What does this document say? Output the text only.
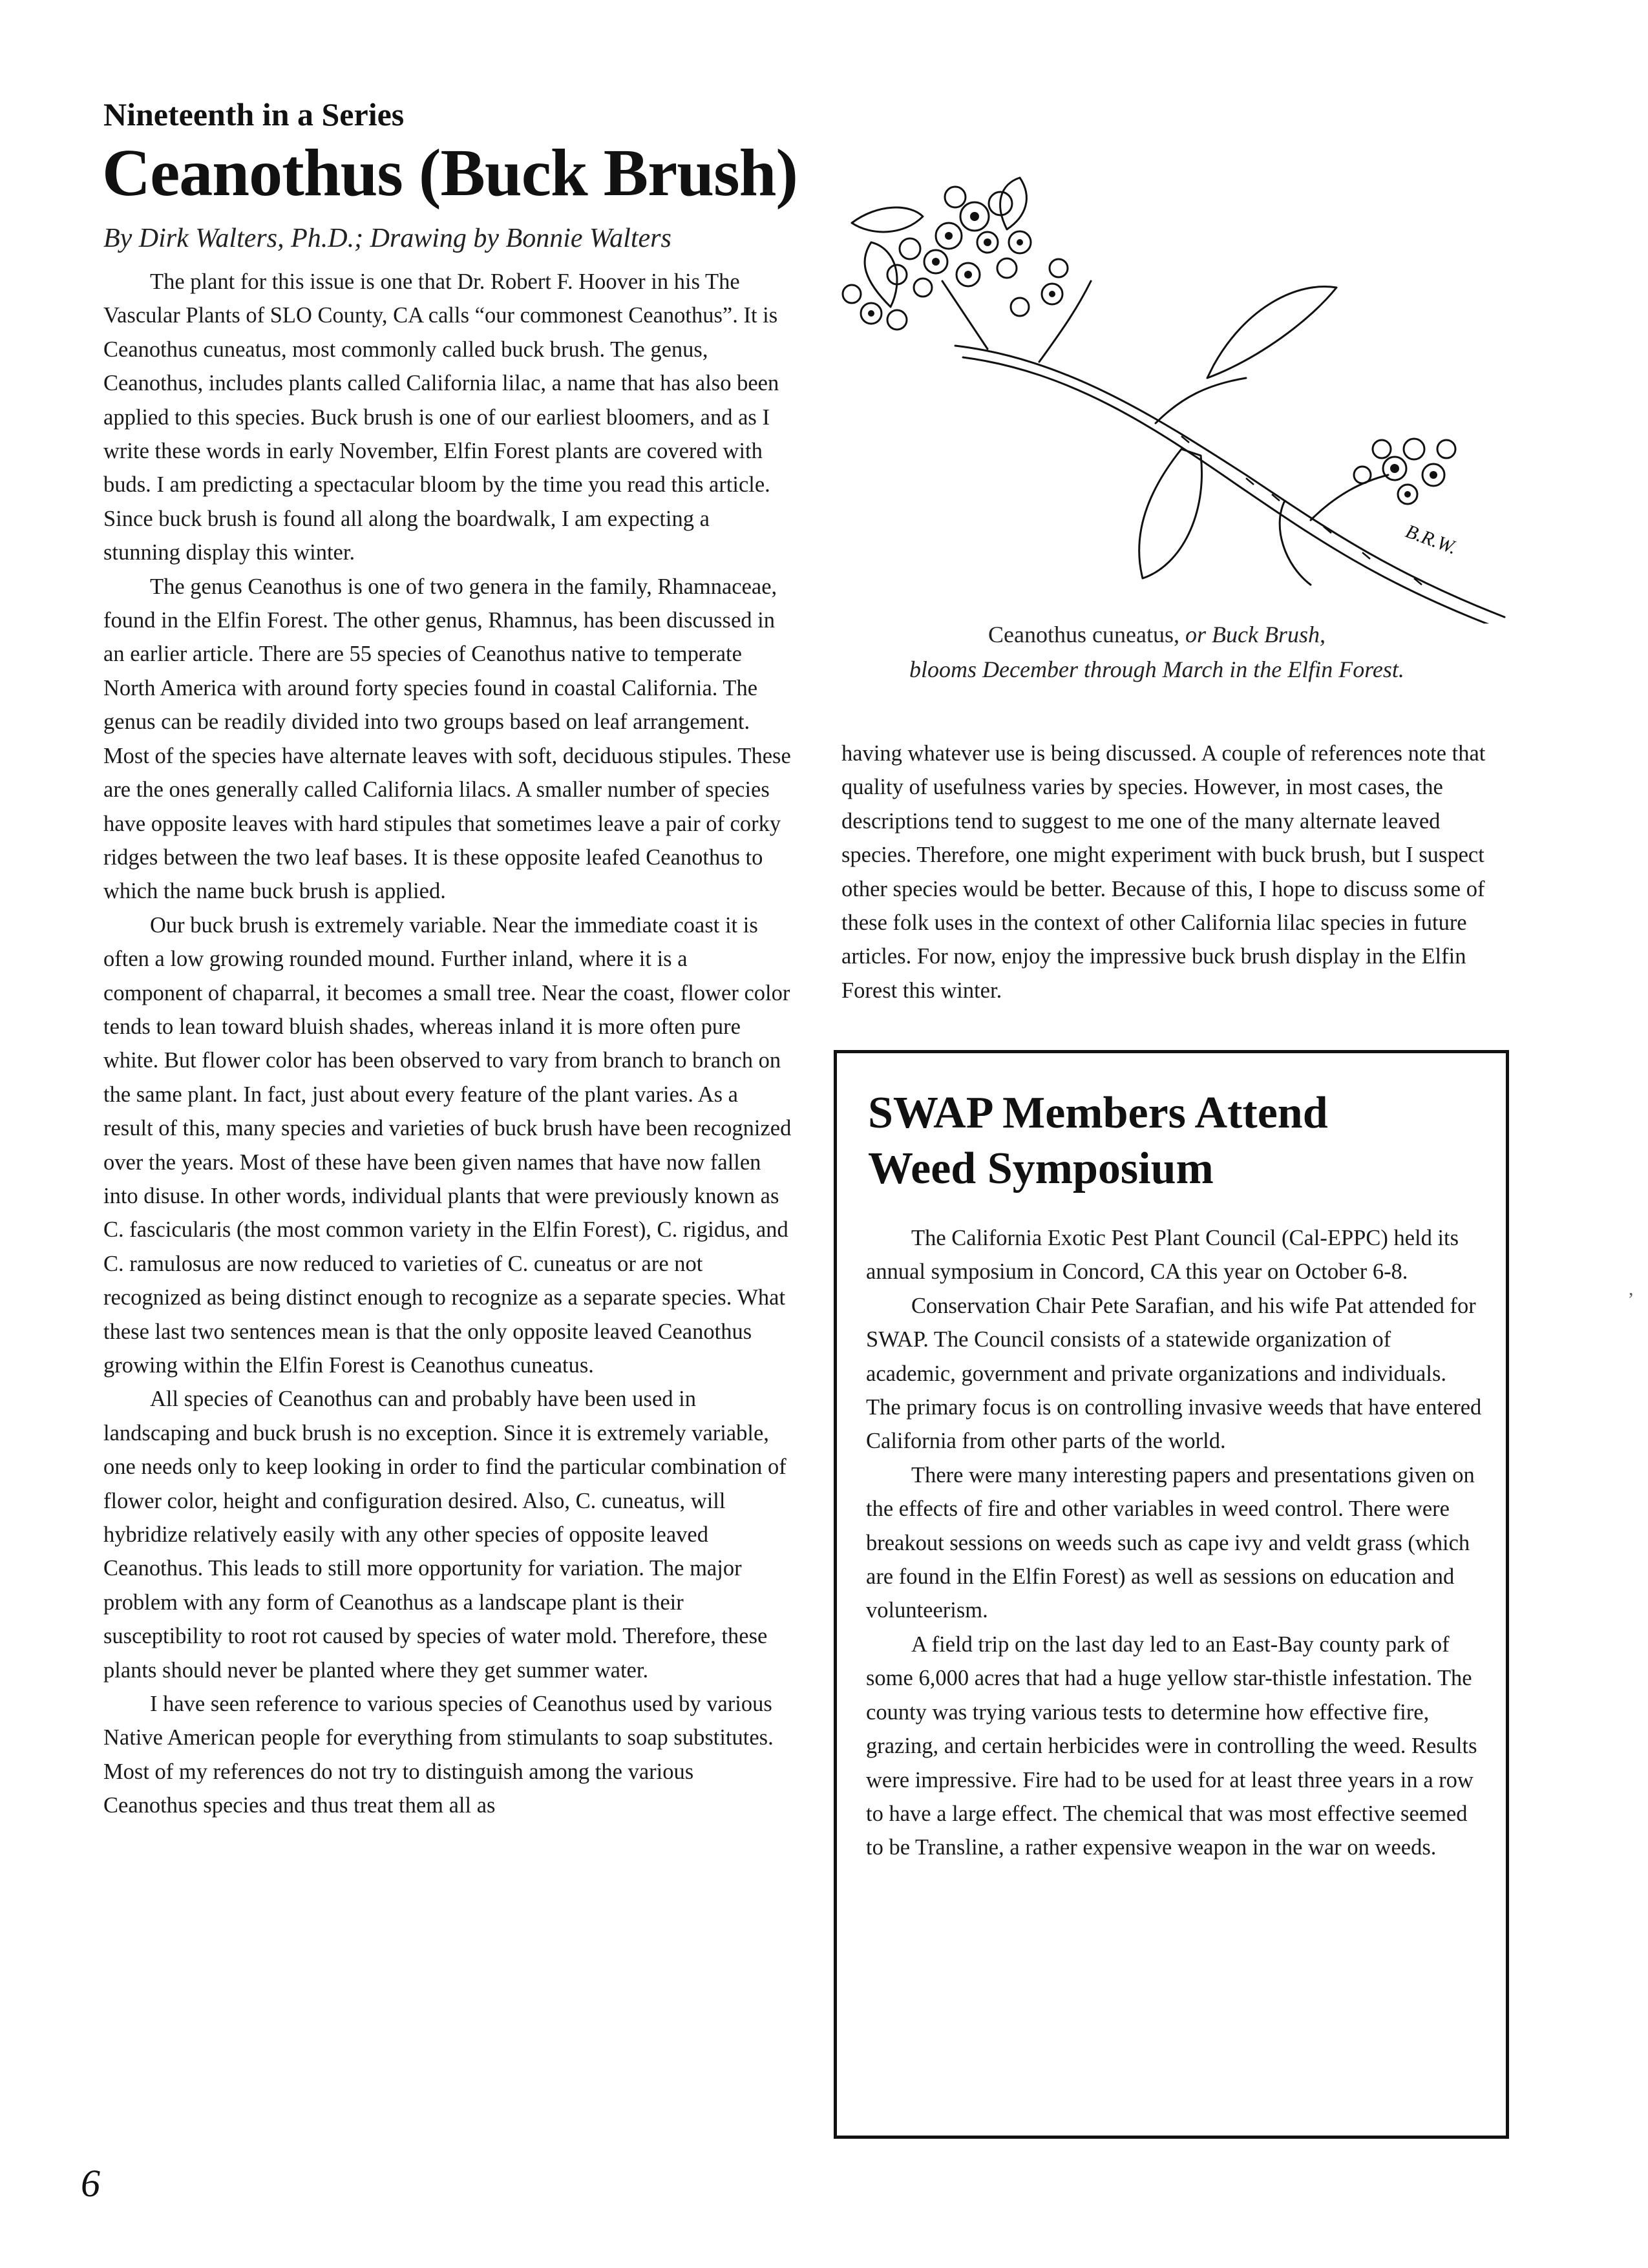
Nineteenth in a Series
Ceanothus (Buck Brush)
By Dirk Walters, Ph.D.; Drawing by Bonnie Walters

The plant for this issue is one that Dr. Robert F. Hoover in his The Vascular Plants of SLO County, CA calls “our commonest Ceanothus”. It is Ceanothus cuneatus, most commonly called buck brush. The genus, Ceanothus, includes plants called California lilac, a name that has also been applied to this species. Buck brush is one of our earliest bloomers, and as I write these words in early November, Elfin Forest plants are covered with buds. I am predicting a spectacular bloom by the time you read this article. Since buck brush is found all along the boardwalk, I am expecting a stunning display this winter.

The genus Ceanothus is one of two genera in the family, Rhamnaceae, found in the Elfin Forest. The other genus, Rhamnus, has been discussed in an earlier article. There are 55 species of Ceanothus native to temperate North America with around forty species found in coastal California. The genus can be readily divided into two groups based on leaf arrangement. Most of the species have alternate leaves with soft, deciduous stipules. These are the ones generally called California lilacs. A smaller number of species have opposite leaves with hard stipules that sometimes leave a pair of corky ridges between the two leaf bases. It is these opposite leafed Ceanothus to which the name buck brush is applied.

Our buck brush is extremely variable. Near the immediate coast it is often a low growing rounded mound. Further inland, where it is a component of chaparral, it becomes a small tree. Near the coast, flower color tends to lean toward bluish shades, whereas inland it is more often pure white. But flower color has been observed to vary from branch to branch on the same plant. In fact, just about every feature of the plant varies. As a result of this, many species and varieties of buck brush have been recognized over the years. Most of these have been given names that have now fallen into disuse. In other words, individual plants that were previously known as C. fascicularis (the most common variety in the Elfin Forest), C. rigidus, and C. ramulosus are now reduced to varieties of C. cuneatus or are not recognized as being distinct enough to recognize as a separate species. What these last two sentences mean is that the only opposite leaved Ceanothus growing within the Elfin Forest is Ceanothus cuneatus.

All species of Ceanothus can and probably have been used in landscaping and buck brush is no exception. Since it is extremely variable, one needs only to keep looking in order to find the particular combination of flower color, height and configuration desired. Also, C. cuneatus, will hybridize relatively easily with any other species of opposite leaved Ceanothus. This leads to still more opportunity for variation. The major problem with any form of Ceanothus as a landscape plant is their susceptibility to root rot caused by species of water mold. Therefore, these plants should never be planted where they get summer water.

I have seen reference to various species of Ceanothus used by various Native American people for everything from stimulants to soap substitutes. Most of my references do not try to distinguish among the various Ceanothus species and thus treat them all as

B.R.W.
Ceanothus cuneatus, or Buck Brush,
blooms December through March in the Elfin Forest.

having whatever use is being discussed. A couple of references note that quality of usefulness varies by species. However, in most cases, the descriptions tend to suggest to me one of the many alternate leaved species. Therefore, one might experiment with buck brush, but I suspect other species would be better. Because of this, I hope to discuss some of these folk uses in the context of other California lilac species in future articles. For now, enjoy the impressive buck brush display in the Elfin Forest this winter.

SWAP Members Attend
Weed Symposium

The California Exotic Pest Plant Council (Cal-EPPC) held its annual symposium in Concord, CA this year on October 6-8.

Conservation Chair Pete Sarafian, and his wife Pat attended for SWAP. The Council consists of a statewide organization of academic, government and private organizations and individuals. The primary focus is on controlling invasive weeds that have entered California from other parts of the world.

There were many interesting papers and presentations given on the effects of fire and other variables in weed control. There were breakout sessions on weeds such as cape ivy and veldt grass (which are found in the Elfin Forest) as well as sessions on education and volunteerism.

A field trip on the last day led to an East-Bay county park of some 6,000 acres that had a huge yellow star-thistle infestation. The county was trying various tests to determine how effective fire, grazing, and certain herbicides were in controlling the weed. Results were impressive. Fire had to be used for at least three years in a row to have a large effect. The chemical that was most effective seemed to be Transline, a rather expensive weapon in the war on weeds.

6
,
